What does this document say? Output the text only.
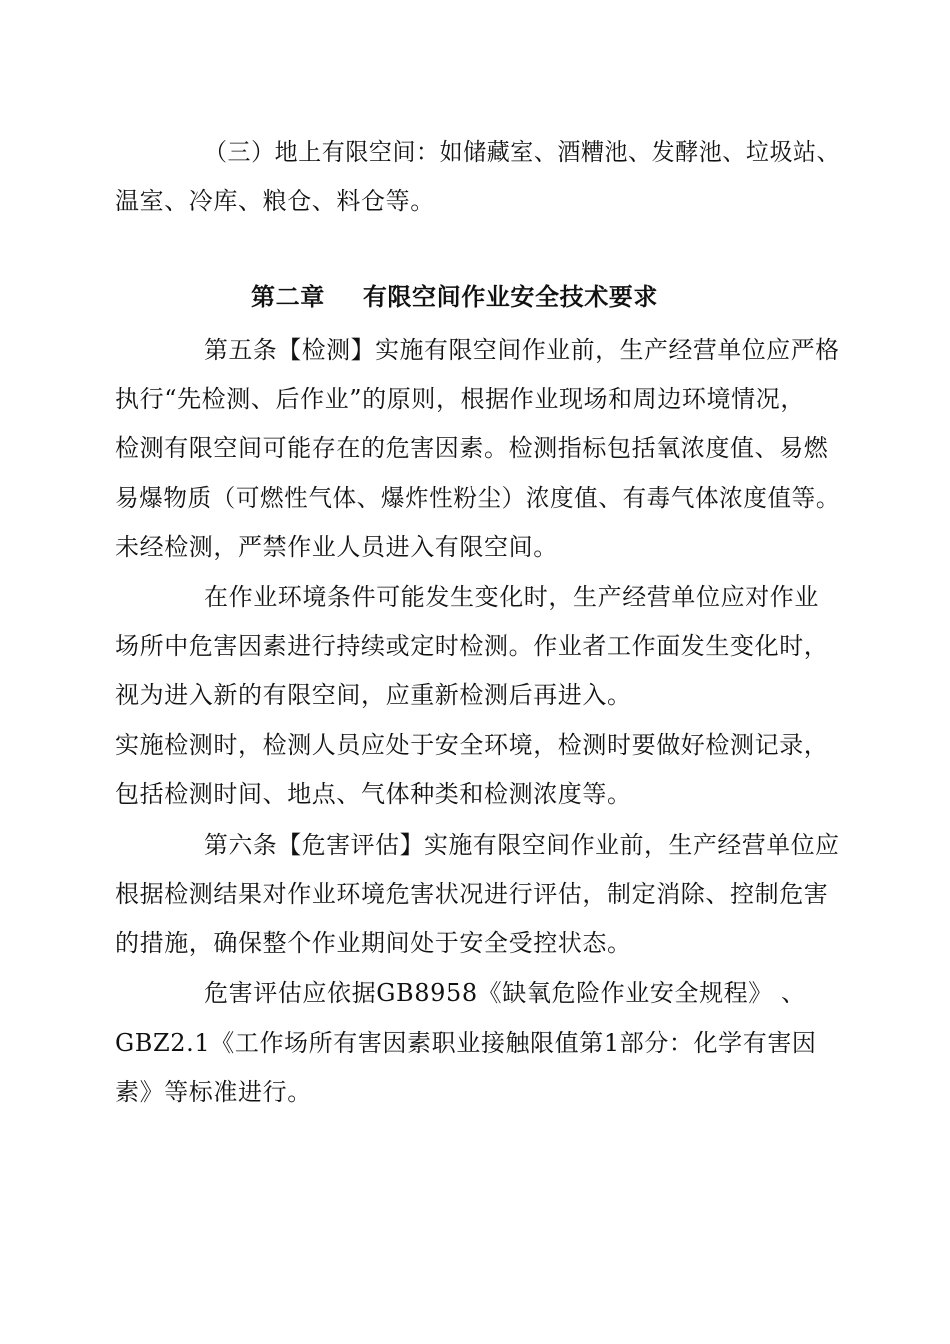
（三）地上有限空间：如储藏室、酒糟池、发酵池、垃圾站、
温室、冷库、粮仓、料仓等。
第二章 有限空间作业安全技术要求
第五条【检测】实施有限空间作业前，生产经营单位应严格
执行“先检测、后作业”的原则，根据作业现场和周边环境情况，
检测有限空间可能存在的危害因素。检测指标包括氧浓度值、易燃
易爆物质（可燃性气体、爆炸性粉尘）浓度值、有毒气体浓度值等。
未经检测，严禁作业人员进入有限空间。
在作业环境条件可能发生变化时，生产经营单位应对作业
场所中危害因素进行持续或定时检测。作业者工作面发生变化时，
视为进入新的有限空间，应重新检测后再进入。
实施检测时，检测人员应处于安全环境，检测时要做好检测记录，
包括检测时间、地点、气体种类和检测浓度等。
第六条【危害评估】实施有限空间作业前，生产经营单位应
根据检测结果对作业环境危害状况进行评估，制定消除、控制危害
的措施，确保整个作业期间处于安全受控状态。
危害评估应依据GB8958《缺氧危险作业安全规程》 、
GBZ2.1《工作场所有害因素职业接触限值第1部分：化学有害因
素》等标准进行。
